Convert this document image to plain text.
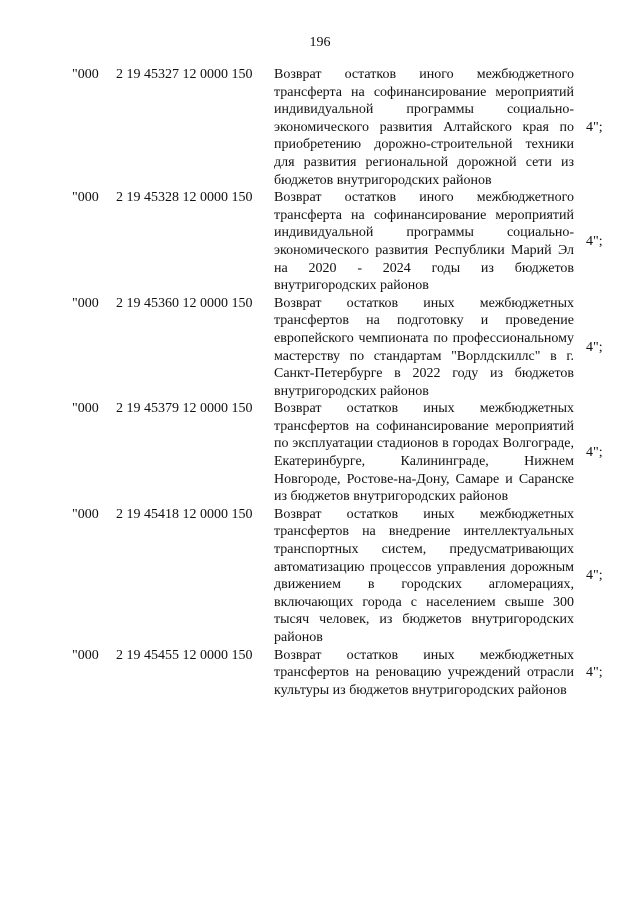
196
"000 2 19 45327 12 0000 150 Возврат остатков иного межбюджетного трансферта на софинансирование мероприятий индивидуальной программы социально-экономического развития Алтайского края по приобретению дорожно-строительной техники для развития региональной дорожной сети из бюджетов внутригородских районов
4";
"000 2 19 45328 12 0000 150 Возврат остатков иного межбюджетного трансферта на софинансирование мероприятий индивидуальной программы социально-экономического развития Республики Марий Эл на 2020 - 2024 годы из бюджетов внутригородских районов
4";
"000 2 19 45360 12 0000 150 Возврат остатков иных межбюджетных трансфертов на подготовку и проведение европейского чемпионата по профессиональному мастерству по стандартам "Ворлдскиллс" в г. Санкт-Петербурге в 2022 году из бюджетов внутригородских районов
4";
"000 2 19 45379 12 0000 150 Возврат остатков иных межбюджетных трансфертов на софинансирование мероприятий по эксплуатации стадионов в городах Волгограде, Екатеринбурге, Калининграде, Нижнем Новгороде, Ростове-на-Дону, Самаре и Саранске из бюджетов внутригородских районов
4";
"000 2 19 45418 12 0000 150 Возврат остатков иных межбюджетных трансфертов на внедрение интеллектуальных транспортных систем, предусматривающих автоматизацию процессов управления дорожным движением в городских агломерациях, включающих города с населением свыше 300 тысяч человек, из бюджетов внутригородских районов
4";
"000 2 19 45455 12 0000 150 Возврат остатков иных межбюджетных трансфертов на реновацию учреждений отрасли культуры из бюджетов внутригородских районов
4";
